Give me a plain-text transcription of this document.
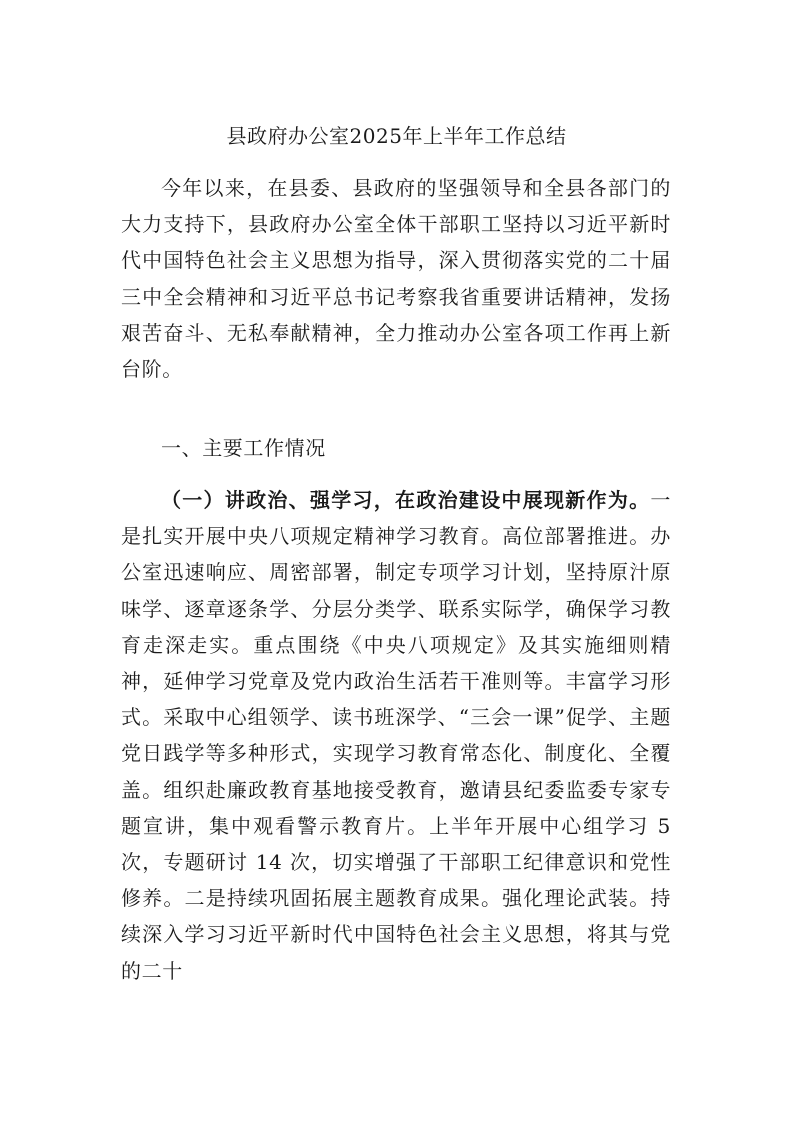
县政府办公室2025年上半年工作总结

今年以来，在县委、县政府的坚强领导和全县各部门的大力支持下，县政府办公室全体干部职工坚持以习近平新时代中国特色社会主义思想为指导，深入贯彻落实党的二十届三中全会精神和习近平总书记考察我省重要讲话精神，发扬艰苦奋斗、无私奉献精神，全力推动办公室各项工作再上新台阶。

一、主要工作情况

（一）讲政治、强学习，在政治建设中展现新作为。一是扎实开展中央八项规定精神学习教育。高位部署推进。办公室迅速响应、周密部署，制定专项学习计划，坚持原汁原味学、逐章逐条学、分层分类学、联系实际学，确保学习教育走深走实。重点围绕《中央八项规定》及其实施细则精神，延伸学习党章及党内政治生活若干准则等。丰富学习形式。采取中心组领学、读书班深学、“三会一课”促学、主题党日践学等多种形式，实现学习教育常态化、制度化、全覆盖。组织赴廉政教育基地接受教育，邀请县纪委监委专家专题宣讲，集中观看警示教育片。上半年开展中心组学习 5 次，专题研讨 14 次，切实增强了干部职工纪律意识和党性修养。二是持续巩固拓展主题教育成果。强化理论武装。持续深入学习习近平新时代中国特色社会主义思想，将其与党的二十
